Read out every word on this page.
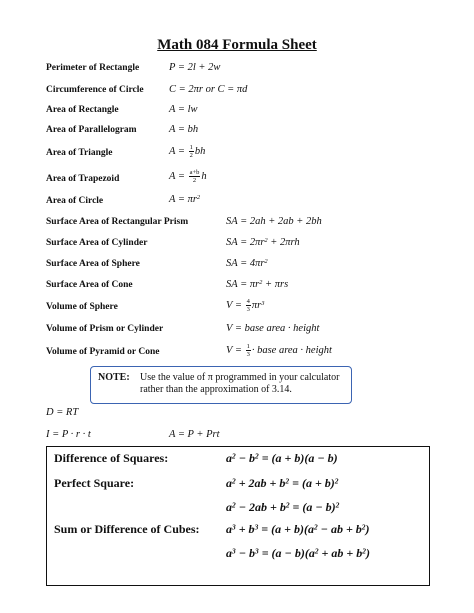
Math 084 Formula Sheet
Perimeter of Rectangle	P = 2l + 2w
Circumference of Circle C = 2πr or C = πd
Area of Rectangle	A = lw
Area of Parallelogram	A = bh
Area of Triangle	$A = \frac{1}{2}$ bh
Area of Trapezoid	$A = \frac{a+b}{2}$ h
Area of Circle	$A = \pi r^2$
Surface Area of Rectangular Prism	SA = 2ah + 2ab + 2bh
Surface Area of Cylinder	SA = $2\pi r^2 + 2\pi rh$
Surface Area of Sphere	SA = $4\pi r^2$
Surface Area of Cone	SA = $\pi r^2 + \pi rs$
Volume of Sphere	$V = \frac{4}{3} \pi r^3$
Volume of Prism or Cylinder	V = base area · height
Volume of Pyramid or Cone	$V = \frac{1}{3}$ · base area · height
NOTE: Use the value of π programmed in your calculator rather than the approximation of 3.14.
D = RT
I = P · r · t	A = P + Prt
Difference of Squares:	$a^2 - b^2 = (a + b)(a - b)$
Perfect Square:	$a^2 + 2ab + b^2 = (a + b)^2$
$a^2 - 2ab + b^2 = (a - b)^2$
Sum or Difference of Cubes: $a^3 + b^3 = (a + b)(a^2$ − ab + $b^2$)
$a^3 - b^3 = (a - b)(a^2$ + ab + $b^2$)
